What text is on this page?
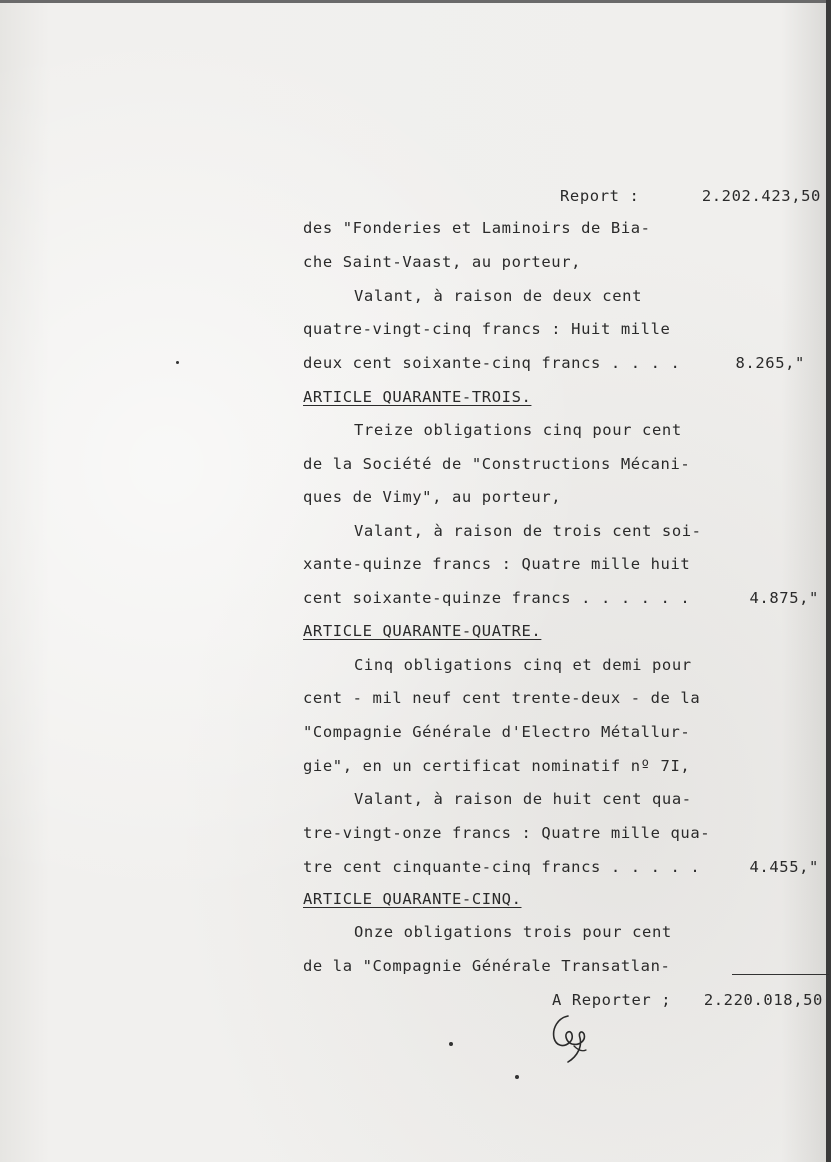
Report :	2.202.423,50
des "Fonderies et Laminoirs de Bia-
che Saint-Vaast, au porteur,
Valant, à raison de deux cent
quatre-vingt-cinq francs : Huit mille
deux cent soixante-cinq francs . . . .	8.265,"
ARTICLE QUARANTE-TROIS.
Treize obligations cinq pour cent
de la Société de "Constructions Mécani-
ques de Vimy", au porteur,
Valant, à raison de trois cent soi-
xante-quinze francs : Quatre mille huit
cent soixante-quinze francs . . . . . .	4.875,"
ARTICLE QUARANTE-QUATRE.
Cinq obligations cinq et demi pour
cent - mil neuf cent trente-deux - de la
"Compagnie Générale d'Electro Métallur-
gie", en un certificat nominatif nº 7I,
Valant, à raison de huit cent qua-
tre-vingt-onze francs : Quatre mille qua-
tre cent cinquante-cinq francs . . . . .	4.455,"
ARTICLE QUARANTE-CINQ.
Onze obligations trois pour cent
de la "Compagnie Générale Transatlan-
A Reporter ; 2.220.018,50
